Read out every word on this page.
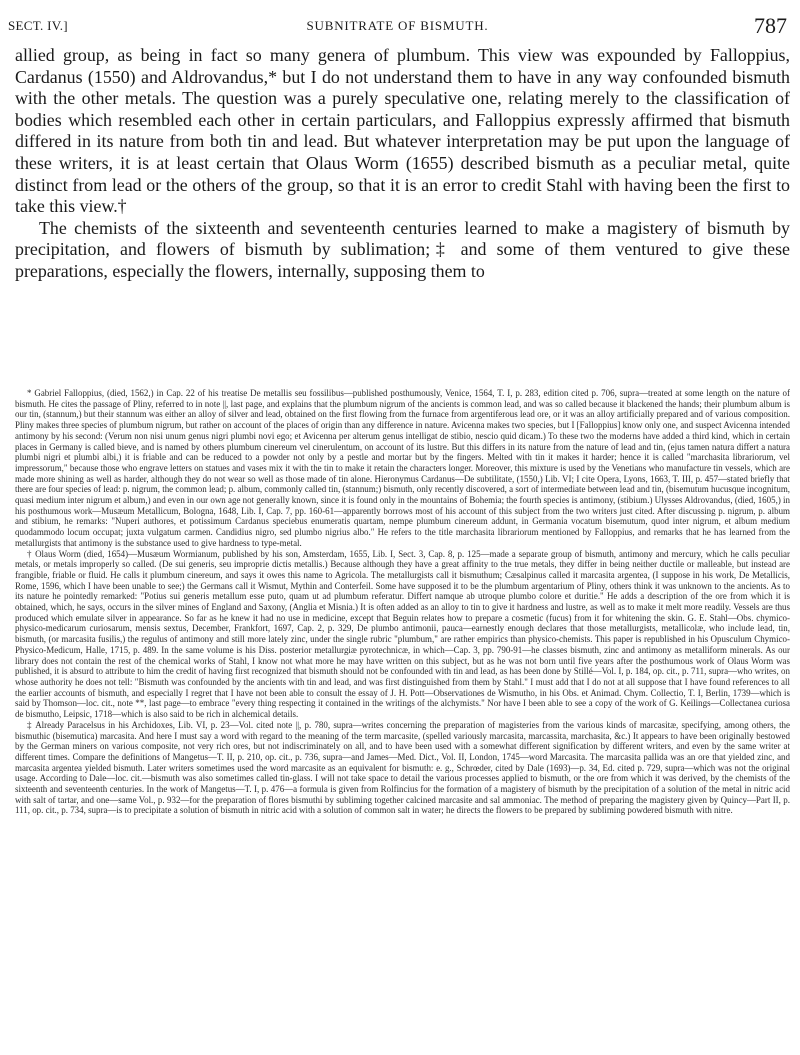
SECT. IV.]	SUBNITRATE OF BISMUTH.	787

allied group, as being in fact so many genera of plumbum. This view was expounded by Falloppius, Cardanus (1550) and Aldrovandus,* but I do not understand them to have in any way confounded bismuth with the other metals. The question was a purely speculative one, relating merely to the classification of bodies which resembled each other in certain particulars, and Falloppius expressly affirmed that bismuth differed in its nature from both tin and lead. But whatever interpretation may be put upon the language of these writers, it is at least certain that Olaus Worm (1655) described bismuth as a peculiar metal, quite distinct from lead or the others of the group, so that it is an error to credit Stahl with having been the first to take this view.†

The chemists of the sixteenth and seventeenth centuries learned to make a magistery of bismuth by precipitation, and flowers of bismuth by sublimation;‡ and some of them ventured to give these preparations, especially the flowers, internally, supposing them to

* Gabriel Falloppius, (died, 1562,) in Cap. 22 of his treatise De metallis seu fossilibus—published posthumously, Venice, 1564, T. I, p. 283, edition cited p. 706, supra—treated at some length on the nature of bismuth. He cites the passage of Pliny, referred to in note ||, last page, and explains that the plumbum nigrum of the ancients is common lead, and was so called because it blackened the hands; their plumbum album is our tin, (stannum,) but their stannum was either an alloy of silver and lead, obtained on the first flowing from the furnace from argentiferous lead ore, or it was an alloy artificially prepared and of various composition. Pliny makes three species of plumbum nigrum, but rather on account of the places of origin than any difference in nature. Avicenna makes two species, but I [Falloppius] know only one, and suspect Avicenna intended antimony by his second: (Verum non nisi unum genus nigri plumbi novi ego; et Avicenna per alterum genus intelligat de stibio, nescio quid dicam.) To these two the moderns have added a third kind, which in certain places in Germany is called bieve, and is named by others plumbum cinereum vel cinerulentum, on account of its lustre. But this differs in its nature from the nature of lead and tin, (ejus tamen natura differt a natura plumbi nigri et plumbi albi,) it is friable and can be reduced to a powder not only by a pestle and mortar but by the fingers. Melted with tin it makes it harder; hence it is called "marchasita librariorum, vel impressorum," because those who engrave letters on statues and vases mix it with the tin to make it retain the characters longer. Moreover, this mixture is used by the Venetians who manufacture tin vessels, which are made more shining as well as harder, although they do not wear so well as those made of tin alone. Hieronymus Cardanus—De subtilitate, (1550,) Lib. VI; I cite Opera, Lyons, 1663, T. III, p. 457—stated briefly that there are four species of lead: p. nigrum, the common lead; p. album, commonly called tin, (stannum;) bismuth, only recently discovered, a sort of intermediate between lead and tin, (bisemutum hucusque incognitum, quasi medium inter nigrum et album,) and even in our own age not generally known, since it is found only in the mountains of Bohemia; the fourth species is antimony, (stibium.) Ulysses Aldrovandus, (died, 1605,) in his posthumous work—Musæum Metallicum, Bologna, 1648, Lib. I, Cap. 7, pp. 160-61—apparently borrows most of his account of this subject from the two writers just cited. After discussing p. nigrum, p. album and stibium, he remarks: "Nuperi authores, et potissimum Cardanus speciebus enumeratis quartam, nempe plumbum cinereum addunt, in Germania vocatum bisemutum, quod inter nigrum, et album medium quodammodo locum occupat; juxta vulgatum carmen. Candidius nigro, sed plumbo nigrius albo." He refers to the title marchasita librariorum mentioned by Falloppius, and remarks that he has learned from the metallurgists that antimony is the substance used to give hardness to type-metal.

† Olaus Worm (died, 1654)—Musæum Wormianum, published by his son, Amsterdam, 1655, Lib. I, Sect. 3, Cap. 8, p. 125—made a separate group of bismuth, antimony and mercury, which he calls peculiar metals, or metals improperly so called. (De sui generis, seu improprie dictis metallis.) Because although they have a great affinity to the true metals, they differ in being neither ductile or malleable, but instead are frangible, friable or fluid. He calls it plumbum cinereum, and says it owes this name to Agricola. The metallurgists call it bismuthum; Cæsalpinus called it marcasita argentea, (I suppose in his work, De Metallicis, Rome, 1596, which I have been unable to see;) the Germans call it Wismut, Mythin and Conterfeil. Some have supposed it to be the plumbum argentarium of Pliny, others think it was unknown to the ancients. As to its nature he pointedly remarked: "Potius sui generis metallum esse puto, quam ut ad plumbum referatur. Differt namque ab utroque plumbo colore et duritie." He adds a description of the ore from which it is obtained, which, he says, occurs in the silver mines of England and Saxony, (Anglia et Misnia.) It is often added as an alloy to tin to give it hardness and lustre, as well as to make it melt more readily. Vessels are thus produced which emulate silver in appearance. So far as he knew it had no use in medicine, except that Beguin relates how to prepare a cosmetic (fucus) from it for whitening the skin. G. E. Stahl—Obs. chymico-physico-medicarum curiosarum, mensis sextus, December, Frankfort, 1697, Cap. 2, p. 329, De plumbo antimonii, pauca—earnestly enough declares that those metallurgists, metallicolæ, who include lead, tin, bismuth, (or marcasita fusilis,) the regulus of antimony and still more lately zinc, under the single rubric "plumbum," are rather empirics than physico-chemists. This paper is republished in his Opusculum Chymico-Physico-Medicum, Halle, 1715, p. 489. In the same volume is his Diss. posterior metallurgiæ pyrotechnicæ, in which—Cap. 3, pp. 790-91—he classes bismuth, zinc and antimony as metalliform minerals. As our library does not contain the rest of the chemical works of Stahl, I know not what more he may have written on this subject, but as he was not born until five years after the posthumous work of Olaus Worm was published, it is absurd to attribute to him the credit of having first recognized that bismuth should not be confounded with tin and lead, as has been done by Stillé—Vol. I, p. 184, op. cit., p. 711, supra—who writes, on whose authority he does not tell: "Bismuth was confounded by the ancients with tin and lead, and was first distinguished from them by Stahl." I must add that I do not at all suppose that I have found references to all the earlier accounts of bismuth, and especially I regret that I have not been able to consult the essay of J. H. Pott—Observationes de Wismutho, in his Obs. et Animad. Chym. Collectio, T. I, Berlin, 1739—which is said by Thomson—loc. cit., note **, last page—to embrace "every thing respecting it contained in the writings of the alchymists." Nor have I been able to see a copy of the work of G. Keilings—Collectanea curiosa de bismutho, Leipsic, 1718—which is also said to be rich in alchemical details.

‡ Already Paracelsus in his Archidoxes, Lib. VI, p. 23—Vol. cited note ||, p. 780, supra—writes concerning the preparation of magisteries from the various kinds of marcasitæ, specifying, among others, the bismuthic (bisemutica) marcasita. And here I must say a word with regard to the meaning of the term marcasite, (spelled variously marcasita, marcassita, marchasita, &c.) It appears to have been originally bestowed by the German miners on various composite, not very rich ores, but not indiscriminately on all, and to have been used with a somewhat different signification by different writers, and even by the same writer at different times. Compare the definitions of Mangetus—T. II, p. 210, op. cit., p. 736, supra—and James—Med. Dict., Vol. II, London, 1745—word Marcasita. The marcasita pallida was an ore that yielded zinc, and marcasita argentea yielded bismuth. Later writers sometimes used the word marcasite as an equivalent for bismuth: e. g., Schrœder, cited by Dale (1693)—p. 34, Ed. cited p. 729, supra—which was not the original usage. According to Dale—loc. cit.—bismuth was also sometimes called tin-glass. I will not take space to detail the various processes applied to bismuth, or the ore from which it was derived, by the chemists of the sixteenth and seventeenth centuries. In the work of Mangetus—T. I, p. 476—a formula is given from Rolfincius for the formation of a magistery of bismuth by the precipitation of a solution of the metal in nitric acid with salt of tartar, and one—same Vol., p. 932—for the preparation of flores bismuthi by subliming together calcined marcasite and sal ammoniac. The method of preparing the magistery given by Quincy—Part II, p. 111, op. cit., p. 734, supra—is to precipitate a solution of bismuth in nitric acid with a solution of common salt in water; he directs the flowers to be prepared by subliming powdered bismuth with nitre.
